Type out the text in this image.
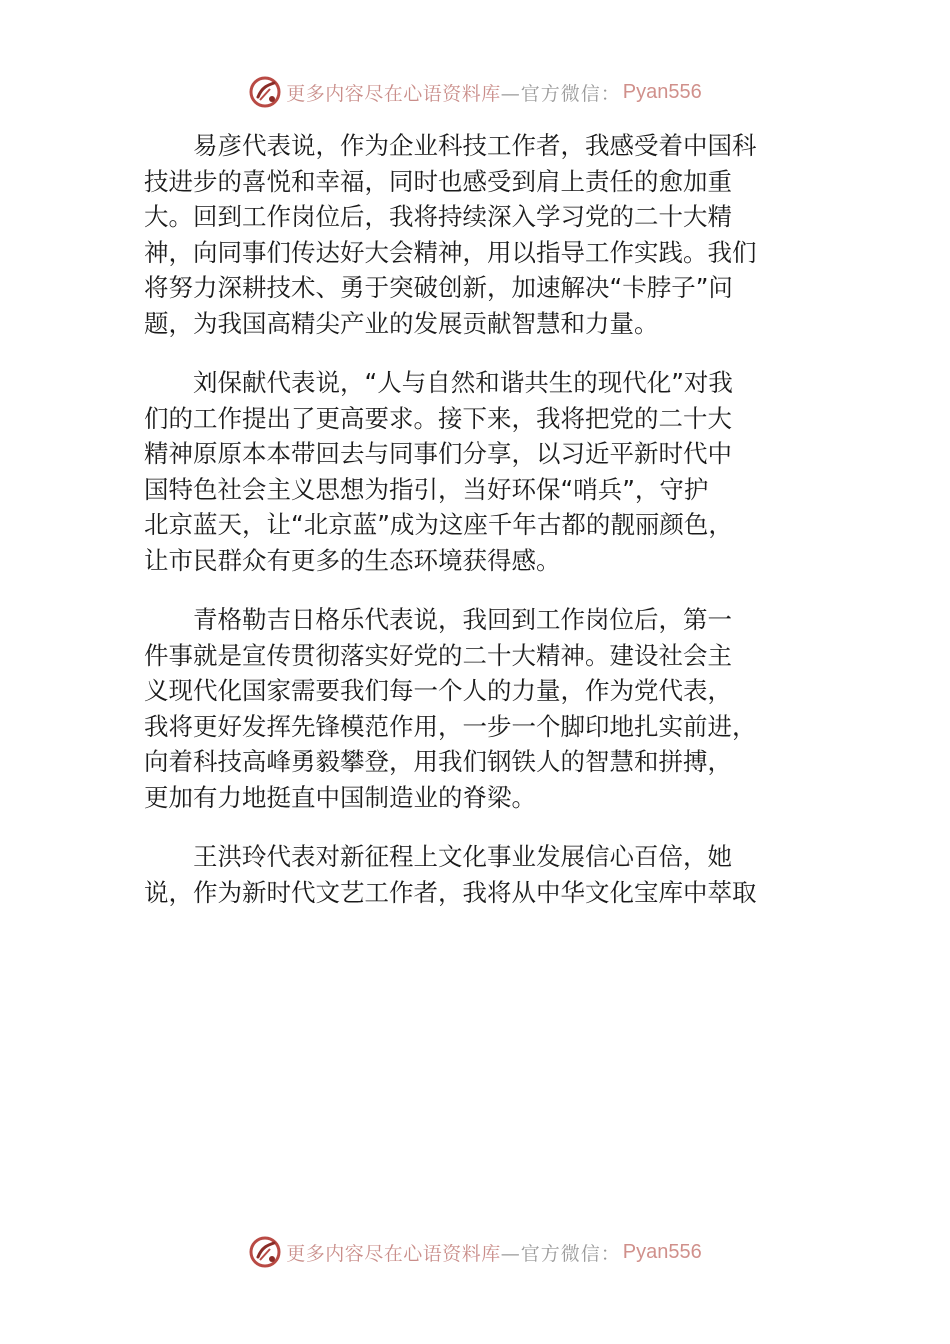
更多内容尽在心语资料库 —官方微信： Pyan556
易彦代表说，作为企业科技工作者，我感受着中国科
技进步的喜悦和幸福，同时也感受到肩上责任的愈加重
大。回到工作岗位后，我将持续深入学习党的二十大精
神，向同事们传达好大会精神，用以指导工作实践。我们
将努力深耕技术、勇于突破创新，加速解决“卡脖子”问
题，为我国高精尖产业的发展贡献智慧和力量。
刘保献代表说，“人与自然和谐共生的现代化”对我
们的工作提出了更高要求。接下来，我将把党的二十大
精神原原本本带回去与同事们分享，以习近平新时代中
国特色社会主义思想为指引，当好环保“哨兵”，守护
北京蓝天，让“北京蓝”成为这座千年古都的靓丽颜色，
让市民群众有更多的生态环境获得感。
青格勒吉日格乐代表说，我回到工作岗位后，第一
件事就是宣传贯彻落实好党的二十大精神。建设社会主
义现代化国家需要我们每一个人的力量，作为党代表，
我将更好发挥先锋模范作用，一步一个脚印地扎实前进，
向着科技高峰勇毅攀登，用我们钢铁人的智慧和拼搏，
更加有力地挺直中国制造业的脊梁。
王洪玲代表对新征程上文化事业发展信心百倍，她
说，作为新时代文艺工作者，我将从中华文化宝库中萃取
更多内容尽在心语资料库 —官方微信： Pyan556
